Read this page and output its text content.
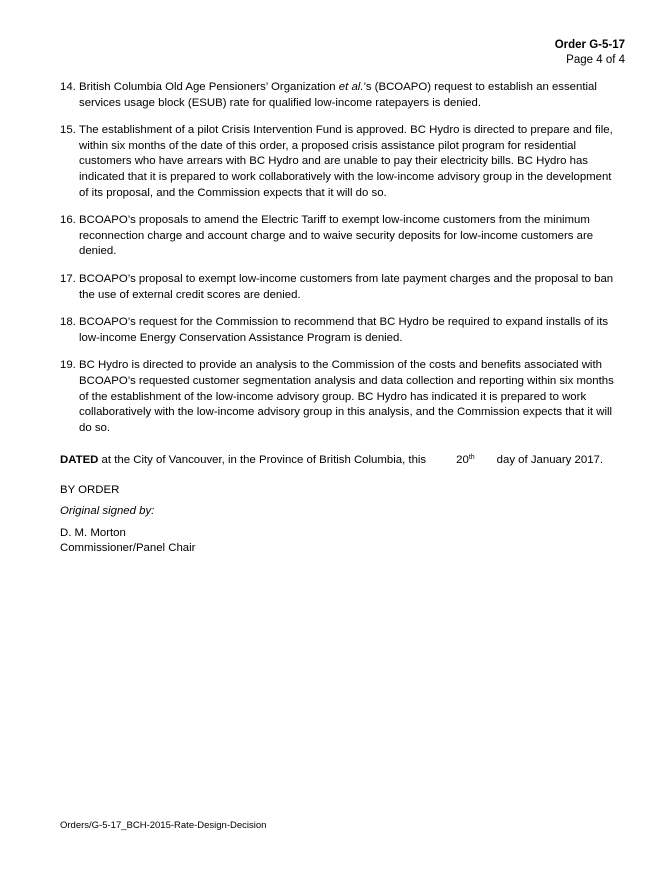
Order G-5-17
Page 4 of 4
14. British Columbia Old Age Pensioners’ Organization et al.’s (BCOAPO) request to establish an essential services usage block (ESUB) rate for qualified low-income ratepayers is denied.
15. The establishment of a pilot Crisis Intervention Fund is approved. BC Hydro is directed to prepare and file, within six months of the date of this order, a proposed crisis assistance pilot program for residential customers who have arrears with BC Hydro and are unable to pay their electricity bills. BC Hydro has indicated that it is prepared to work collaboratively with the low-income advisory group in the development of its proposal, and the Commission expects that it will do so.
16. BCOAPO’s proposals to amend the Electric Tariff to exempt low-income customers from the minimum reconnection charge and account charge and to waive security deposits for low-income customers are denied.
17. BCOAPO’s proposal to exempt low-income customers from late payment charges and the proposal to ban the use of external credit scores are denied.
18. BCOAPO’s request for the Commission to recommend that BC Hydro be required to expand installs of its low-income Energy Conservation Assistance Program is denied.
19. BC Hydro is directed to provide an analysis to the Commission of the costs and benefits associated with BCOAPO’s requested customer segmentation analysis and data collection and reporting within six months of the establishment of the low-income advisory group. BC Hydro has indicated it is prepared to work collaboratively with the low-income advisory group in this analysis, and the Commission expects that it will do so.
DATED at the City of Vancouver, in the Province of British Columbia, this	20th day of January 2017.
BY ORDER
Original signed by:
D. M. Morton
Commissioner/Panel Chair
Orders/G-5-17_BCH-2015-Rate-Design-Decision
